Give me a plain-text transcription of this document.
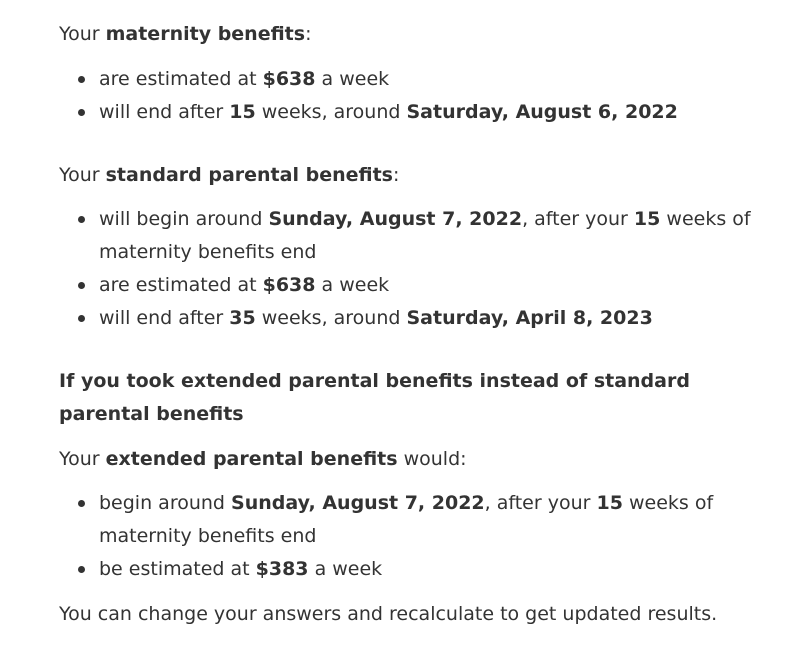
Your maternity benefits:

are estimated at $638 a week
will end after 15 weeks, around Saturday, August 6, 2022

Your standard parental benefits:

will begin around Sunday, August 7, 2022, after your 15 weeks of maternity benefits end
are estimated at $638 a week
will end after 35 weeks, around Saturday, April 8, 2023

If you took extended parental benefits instead of standard parental benefits

Your extended parental benefits would:

begin around Sunday, August 7, 2022, after your 15 weeks of maternity benefits end
be estimated at $383 a week

You can change your answers and recalculate to get updated results.
